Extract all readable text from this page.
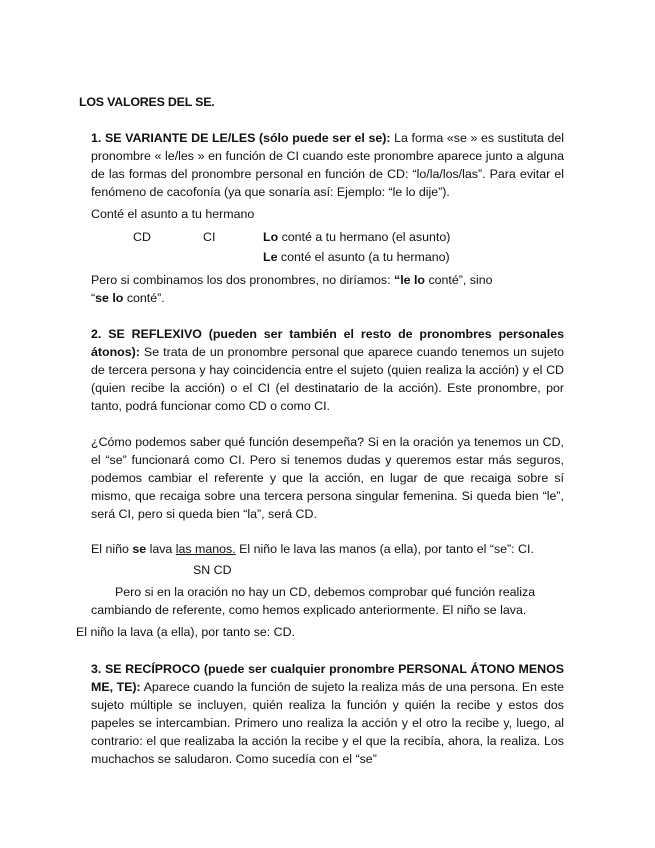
LOS VALORES DEL SE.
1. SE VARIANTE DE LE/LES (sólo puede ser el se): La forma «se » es sustituta del pronombre « le/les » en función de CI cuando este pronombre aparece junto a alguna de las formas del pronombre personal en función de CD: “lo/la/los/las”. Para evitar el fenómeno de cacofonía (ya que sonaría así: Ejemplo: “le lo dije”).
Conté el asunto a tu hermano
CD	CI	Lo conté a tu hermano (el asunto)
Le conté el asunto (a tu hermano)
Pero si combinamos los dos pronombres, no diríamos: “le lo conté”, sino
“se lo conté”.
2. SE REFLEXIVO (pueden ser también el resto de pronombres personales átonos): Se trata de un pronombre personal que aparece cuando tenemos un sujeto de tercera persona y hay coincidencia entre el sujeto (quien realiza la acción) y el CD (quien recibe la acción) o el CI (el destinatario de la acción). Este pronombre, por tanto, podrá funcionar como CD o como CI.
¿Cómo podemos saber qué función desempeña? Si en la oración ya tenemos un CD, el “se” funcionará como CI. Pero si tenemos dudas y queremos estar más seguros, podemos cambiar el referente y que la acción, en lugar de que recaiga sobre sí mismo, que recaiga sobre una tercera persona singular femenina. Si queda bien “le”, será CI, pero si queda bien “la”, será CD.
El niño se lava las manos. El niño le lava las manos (a ella), por tanto el “se”: CI.
SN CD
Pero si en la oración no hay un CD, debemos comprobar qué función realiza
cambiando de referente, como hemos explicado anteriormente. El niño se lava.
El niño la lava (a ella), por tanto se: CD.
3. SE RECÍPROCO (puede ser cualquier pronombre PERSONAL ÁTONO MENOS ME, TE): Aparece cuando la función de sujeto la realiza más de una persona. En este sujeto múltiple se incluyen, quién realiza la función y quién la recibe y estos dos papeles se intercambian. Primero uno realiza la acción y el otro la recibe y, luego, al contrario: el que realizaba la acción la recibe y el que la recibía, ahora, la realiza. Los muchachos se saludaron. Como sucedía con el “se”
